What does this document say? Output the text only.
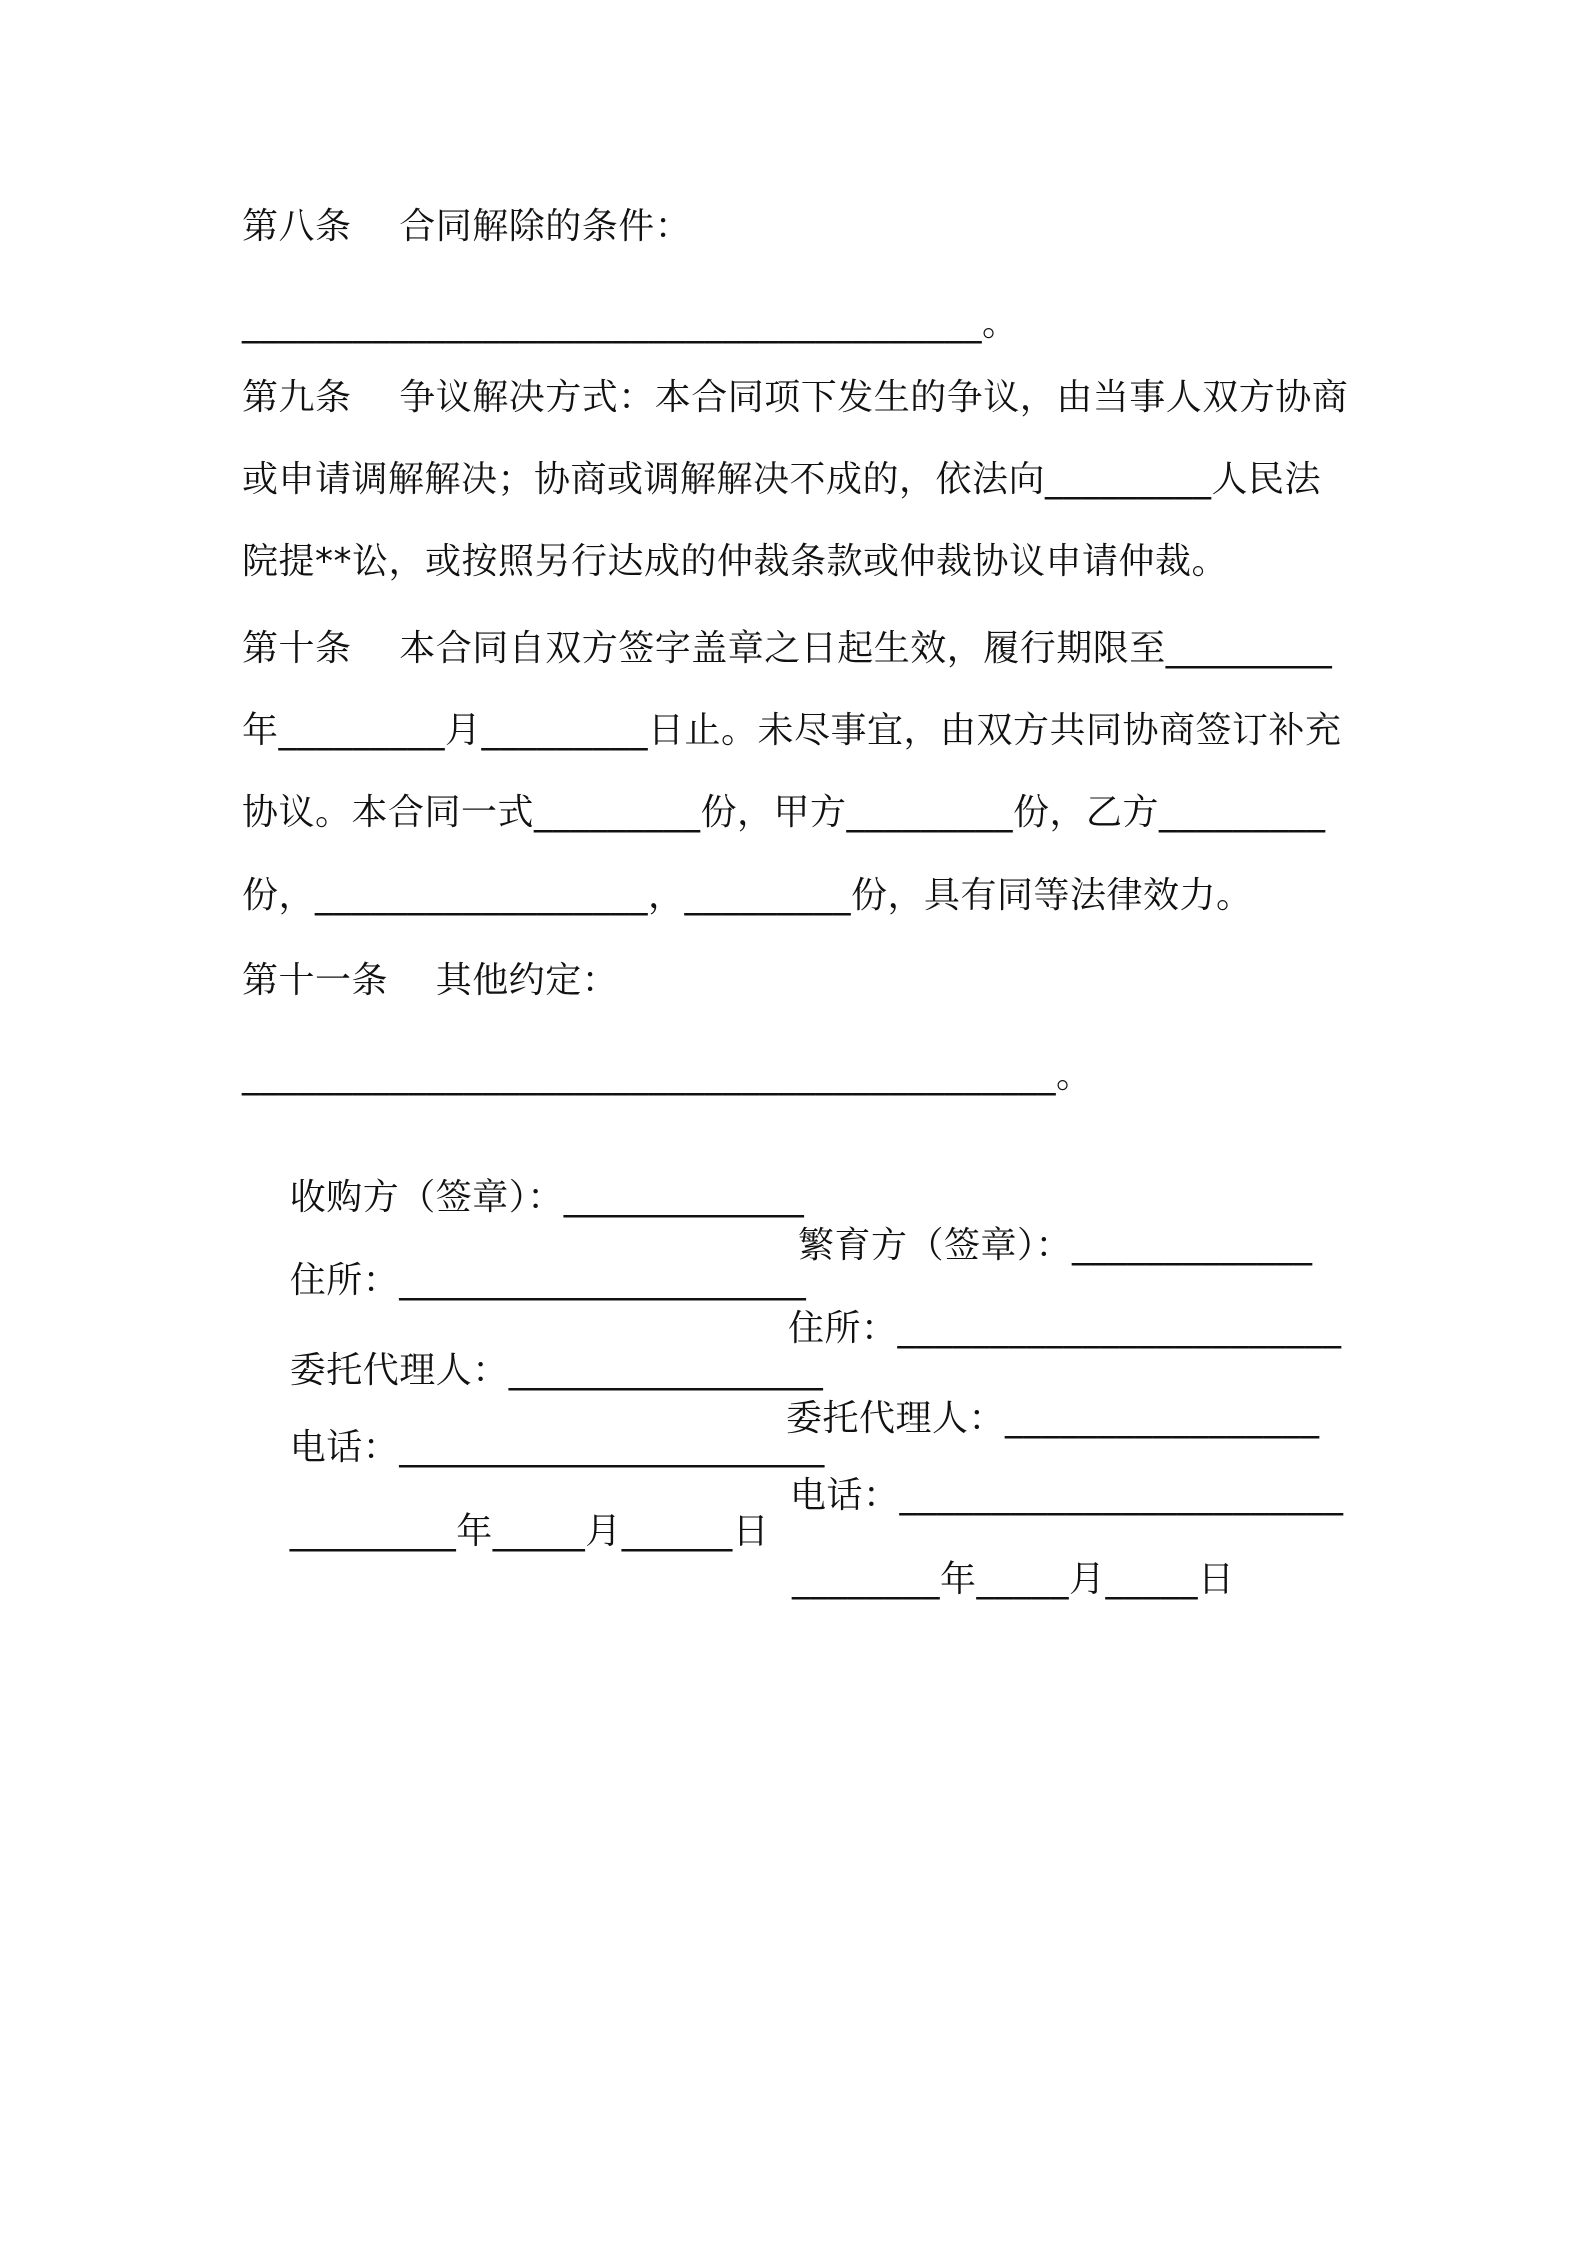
第八条    合同解除的条件：
________________________________________。
第九条    争议解决方式：本合同项下发生的争议，由当事人双方协商
或申请调解解决；协商或调解解决不成的，依法向_________人民法
院提**讼，或按照另行达成的仲裁条款或仲裁协议申请仲裁。
第十条    本合同自双方签字盖章之日起生效，履行期限至_________
年_________月_________日止。未尽事宜，由双方共同协商签订补充
协议。本合同一式_________份，甲方_________份，乙方_________
份，__________________，_________份，具有同等法律效力。
第十一条    其他约定：
____________________________________________。

收购方（签章）：_____________

繁育方（签章）：_____________

住所：______________________

住所：________________________

委托代理人：_________________

委托代理人：_________________

电话：_______________________

电话：________________________

_________年_____月______日

________年_____月_____日
